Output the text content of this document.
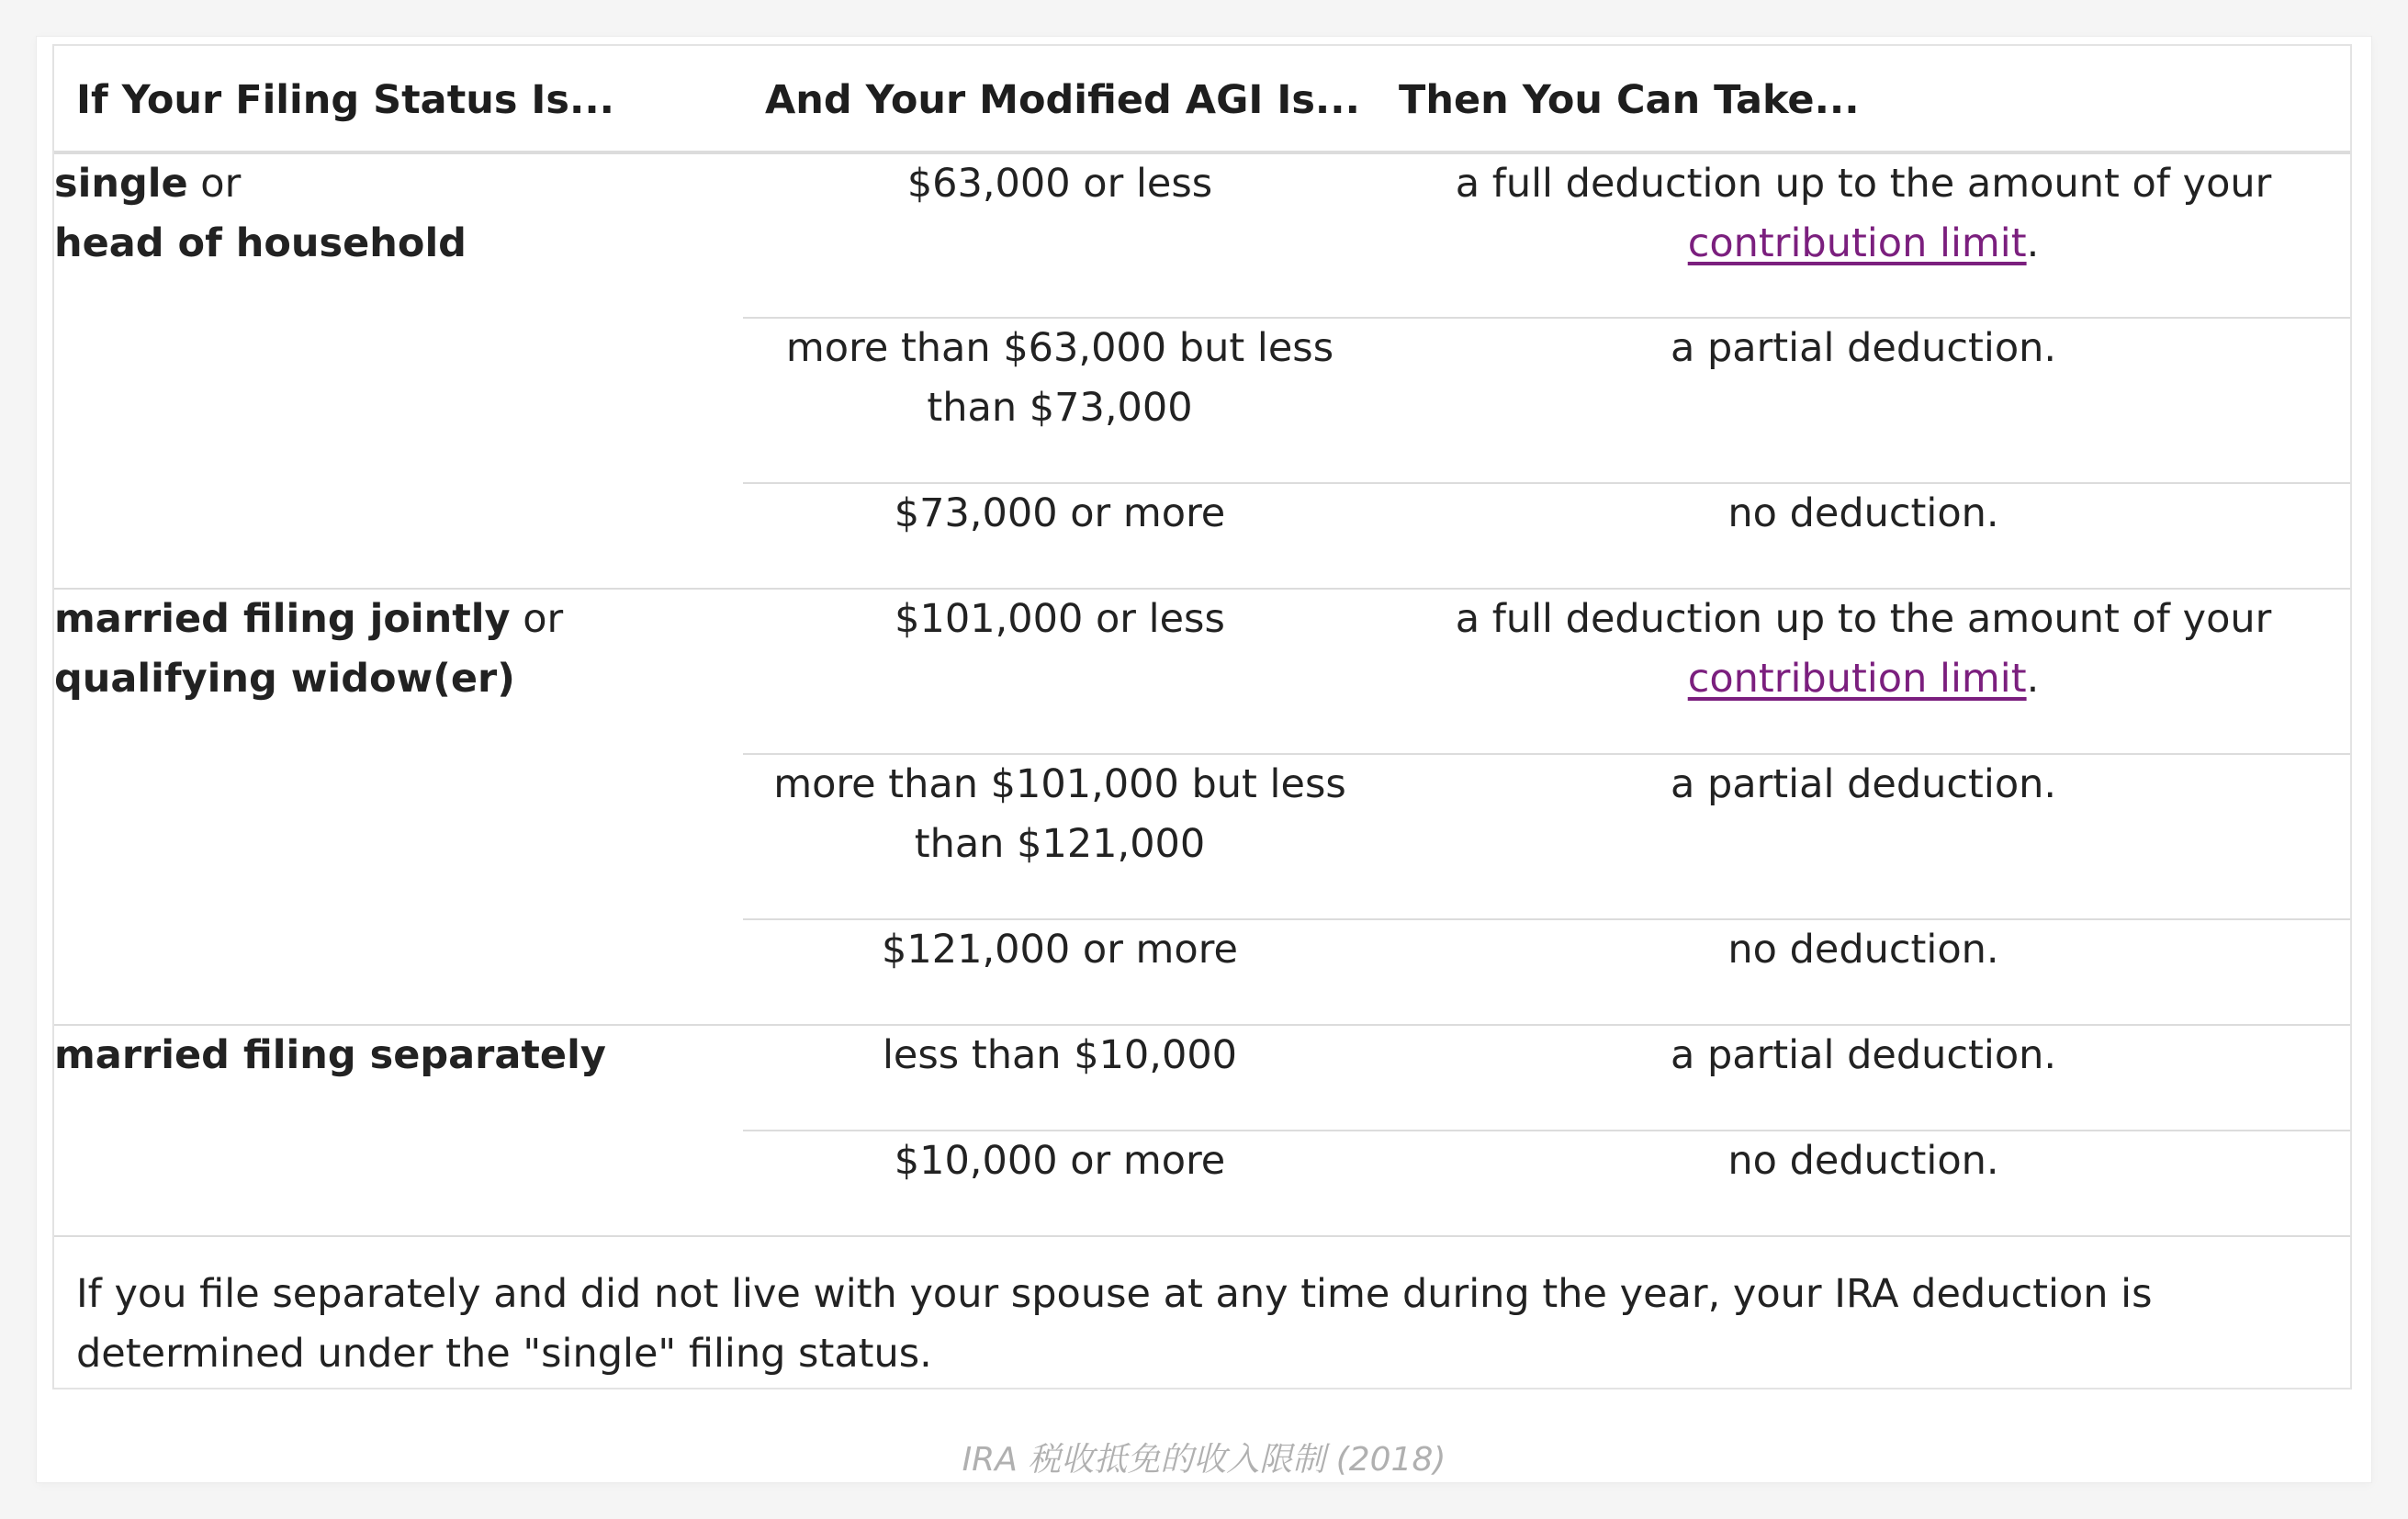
If Your Filing Status Is...	And Your Modified AGI Is...	Then You Can Take...
single or
head of household	$63,000 or less	a full deduction up to the amount of your
contribution limit.
	more than $63,000 but less than $73,000	a partial deduction.
	$73,000 or more	no deduction.
married filing jointly or qualifying widow(er)	$101,000 or less	a full deduction up to the amount of your
contribution limit.
	more than $101,000 but less than $121,000	a partial deduction.
	$121,000 or more	no deduction.
married filing separately	less than $10,000	a partial deduction.
	$10,000 or more	no deduction.
If you file separately and did not live with your spouse at any time during the year, your IRA deduction is determined under the "single" filing status.
IRA 税收抵免的收入限制 (2018)
